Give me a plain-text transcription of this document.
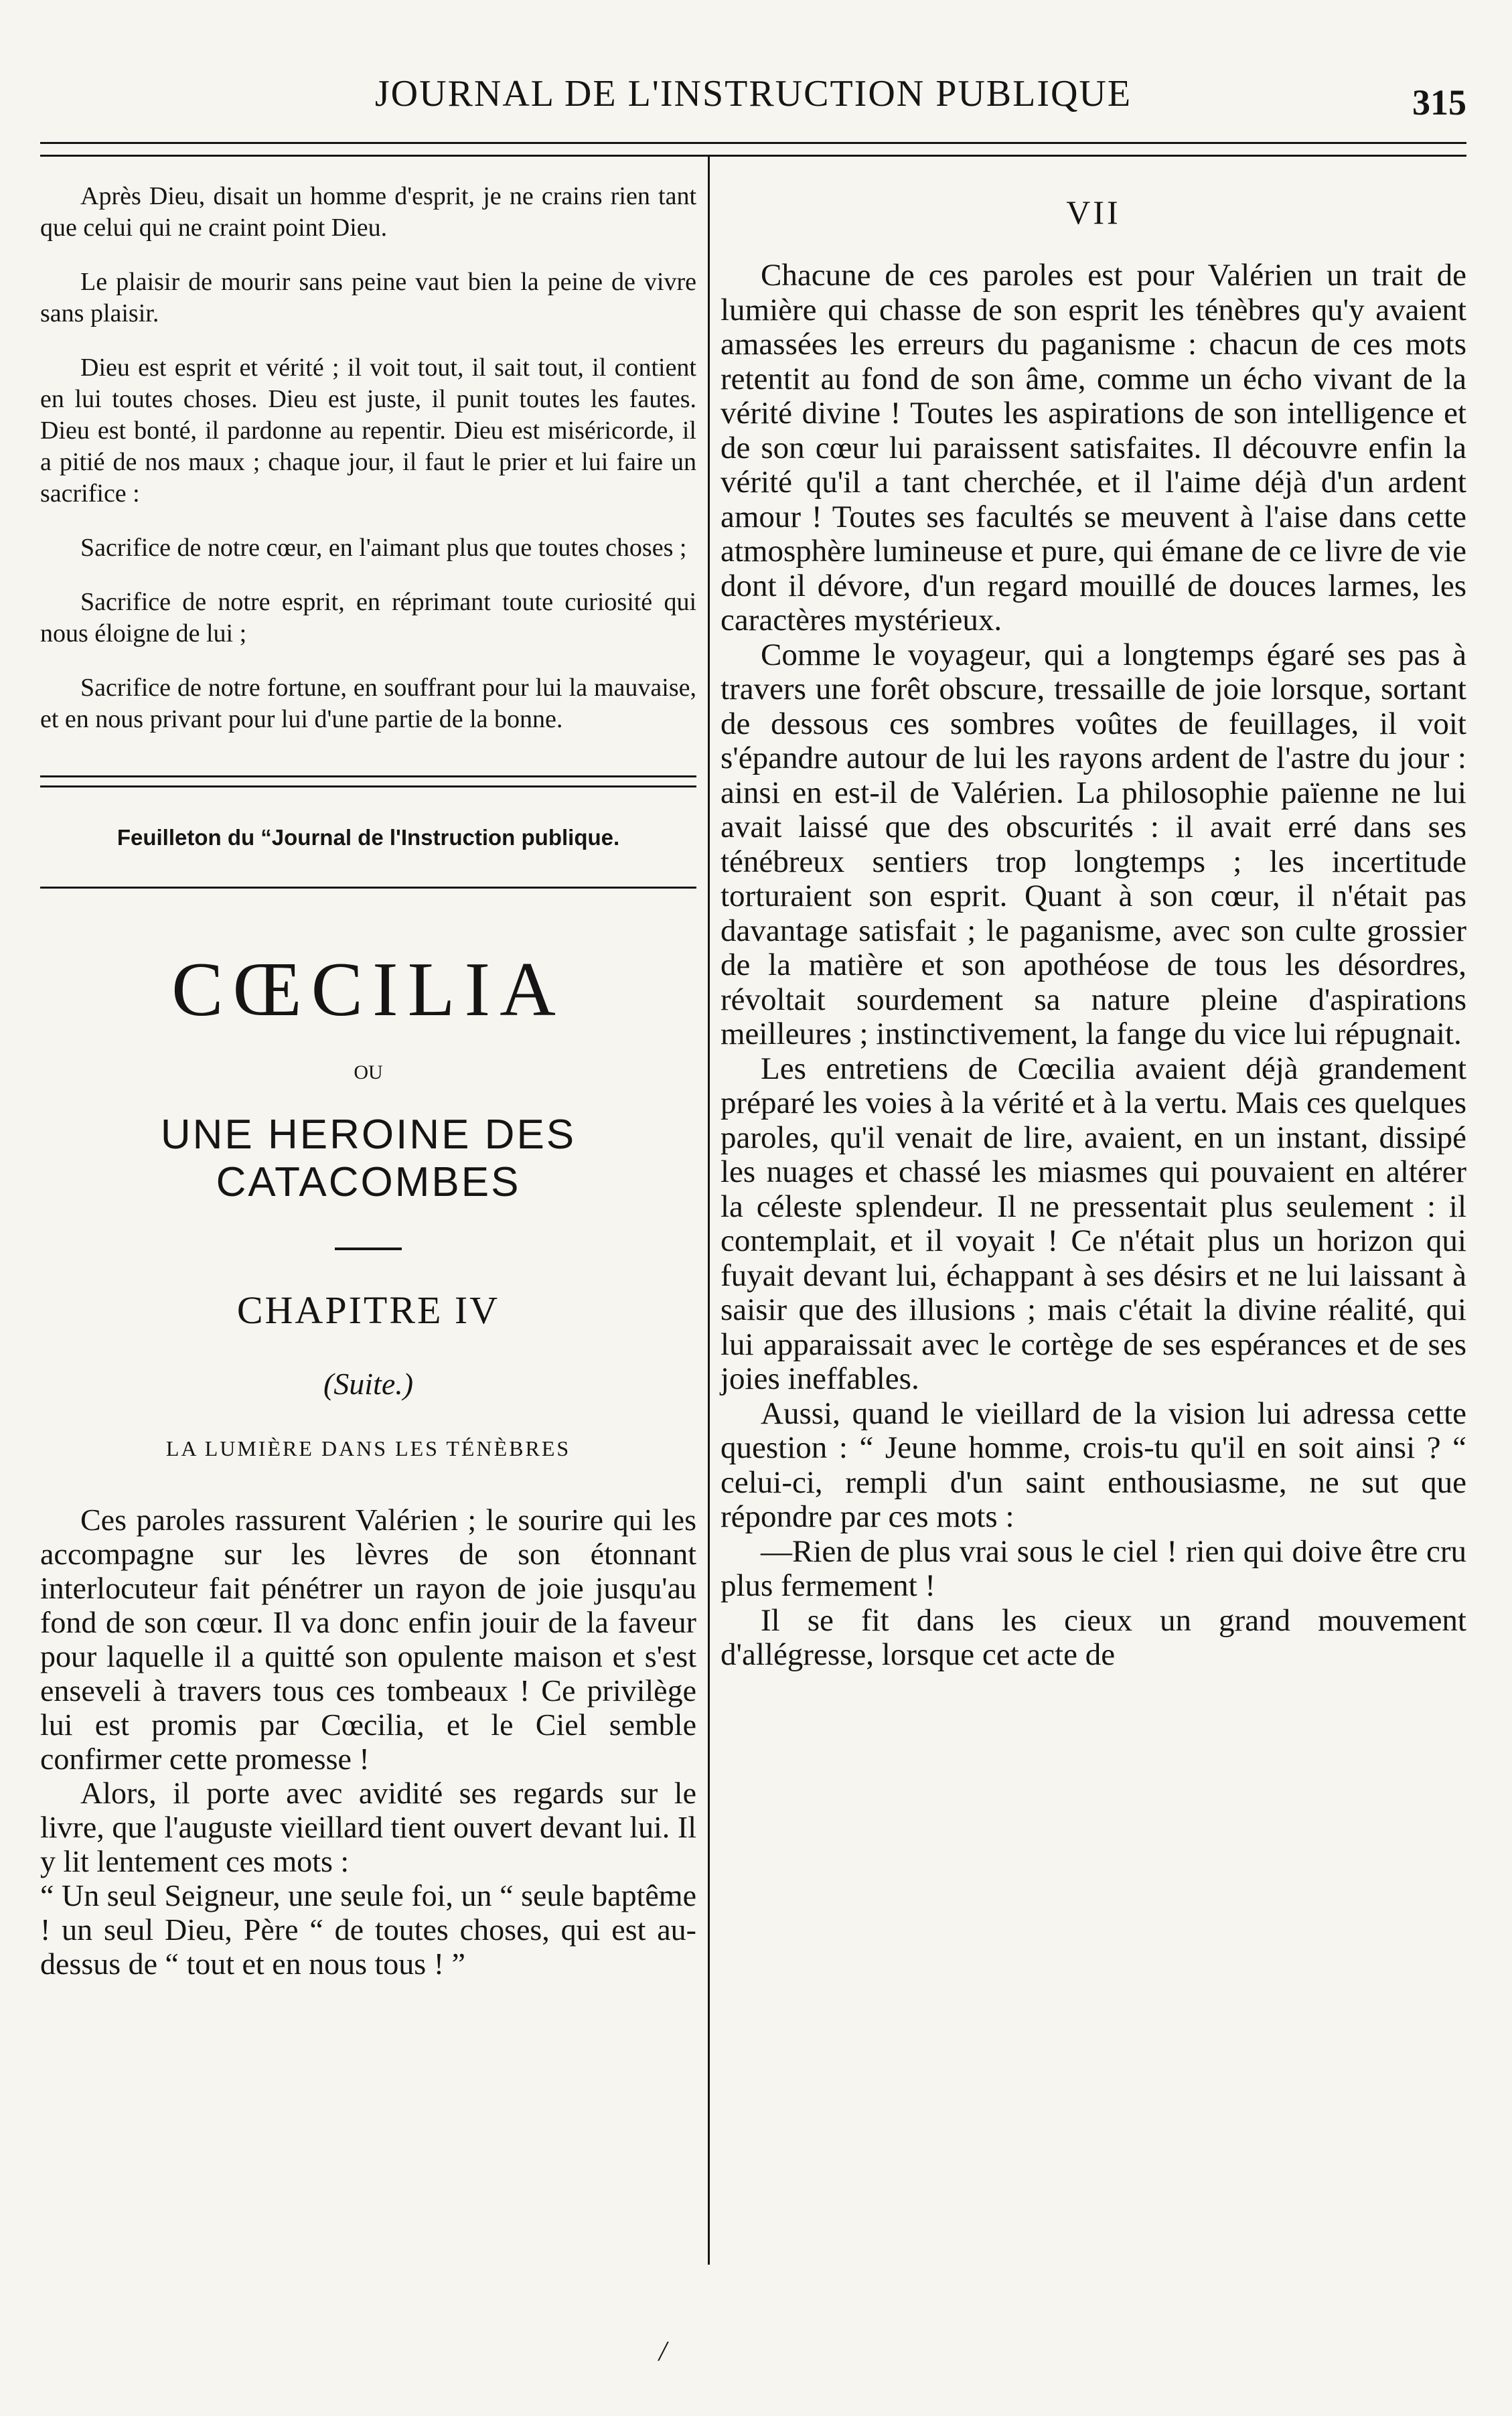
JOURNAL DE L'INSTRUCTION PUBLIQUE	315

Après Dieu, disait un homme d'esprit, je ne crains rien tant que celui qui ne craint point Dieu.

Le plaisir de mourir sans peine vaut bien la peine de vivre sans plaisir.

Dieu est esprit et vérité ; il voit tout, il sait tout, il contient en lui toutes choses. Dieu est juste, il punit toutes les fautes. Dieu est bonté, il pardonne au repentir. Dieu est miséricorde, il a pitié de nos maux ; chaque jour, il faut le prier et lui faire un sacrifice :

Sacrifice de notre cœur, en l'aimant plus que toutes choses ;

Sacrifice de notre esprit, en réprimant toute curiosité qui nous éloigne de lui ;

Sacrifice de notre fortune, en souffrant pour lui la mauvaise, et en nous privant pour lui d'une partie de la bonne.

Feuilleton du “Journal de l'Instruction publique.

CŒCILIA
OU
UNE HEROINE DES CATACOMBES
CHAPITRE IV
(Suite.)
LA LUMIÈRE DANS LES TÉNÈBRES

Ces paroles rassurent Valérien ; le sourire qui les accompagne sur les lèvres de son étonnant interlocuteur fait pénétrer un rayon de joie jusqu'au fond de son cœur. Il va donc enfin jouir de la faveur pour laquelle il a quitté son opulente maison et s'est enseveli à travers tous ces tombeaux ! Ce privilège lui est promis par Cœcilia, et le Ciel semble confirmer cette promesse !

Alors, il porte avec avidité ses regards sur le livre, que l'auguste vieillard tient ouvert devant lui. Il y lit lentement ces mots :

“ Un seul Seigneur, une seule foi, un “ seule baptême ! un seul Dieu, Père “ de toutes choses, qui est au-dessus de “ tout et en nous tous ! ”

VII

Chacune de ces paroles est pour Valérien un trait de lumière qui chasse de son esprit les ténèbres qu'y avaient amassées les erreurs du paganisme : chacun de ces mots retentit au fond de son âme, comme un écho vivant de la vérité divine ! Toutes les aspirations de son intelligence et de son cœur lui paraissent satisfaites. Il découvre enfin la vérité qu'il a tant cherchée, et il l'aime déjà d'un ardent amour ! Toutes ses facultés se meuvent à l'aise dans cette atmosphère lumineuse et pure, qui émane de ce livre de vie dont il dévore, d'un regard mouillé de douces larmes, les caractères mystérieux.

Comme le voyageur, qui a longtemps égaré ses pas à travers une forêt obscure, tressaille de joie lorsque, sortant de dessous ces sombres voûtes de feuillages, il voit s'épandre autour de lui les rayons ardent de l'astre du jour : ainsi en est-il de Valérien. La philosophie païenne ne lui avait laissé que des obscurités : il avait erré dans ses ténébreux sentiers trop longtemps ; les incertitude torturaient son esprit. Quant à son cœur, il n'était pas davantage satisfait ; le paganisme, avec son culte grossier de la matière et son apothéose de tous les désordres, révoltait sourdement sa nature pleine d'aspirations meilleures ; instinctivement, la fange du vice lui répugnait.

Les entretiens de Cœcilia avaient déjà grandement préparé les voies à la vérité et à la vertu. Mais ces quelques paroles, qu'il venait de lire, avaient, en un instant, dissipé les nuages et chassé les miasmes qui pouvaient en altérer la céleste splendeur. Il ne pressentait plus seulement : il contemplait, et il voyait ! Ce n'était plus un horizon qui fuyait devant lui, échappant à ses désirs et ne lui laissant à saisir que des illusions ; mais c'était la divine réalité, qui lui apparaissait avec le cortège de ses espérances et de ses joies ineffables.

Aussi, quand le vieillard de la vision lui adressa cette question : “ Jeune homme, crois-tu qu'il en soit ainsi ? “ celui-ci, rempli d'un saint enthousiasme, ne sut que répondre par ces mots :

—Rien de plus vrai sous le ciel ! rien qui doive être cru plus fermement !

Il se fit dans les cieux un grand mouvement d'allégresse, lorsque cet acte de

/
